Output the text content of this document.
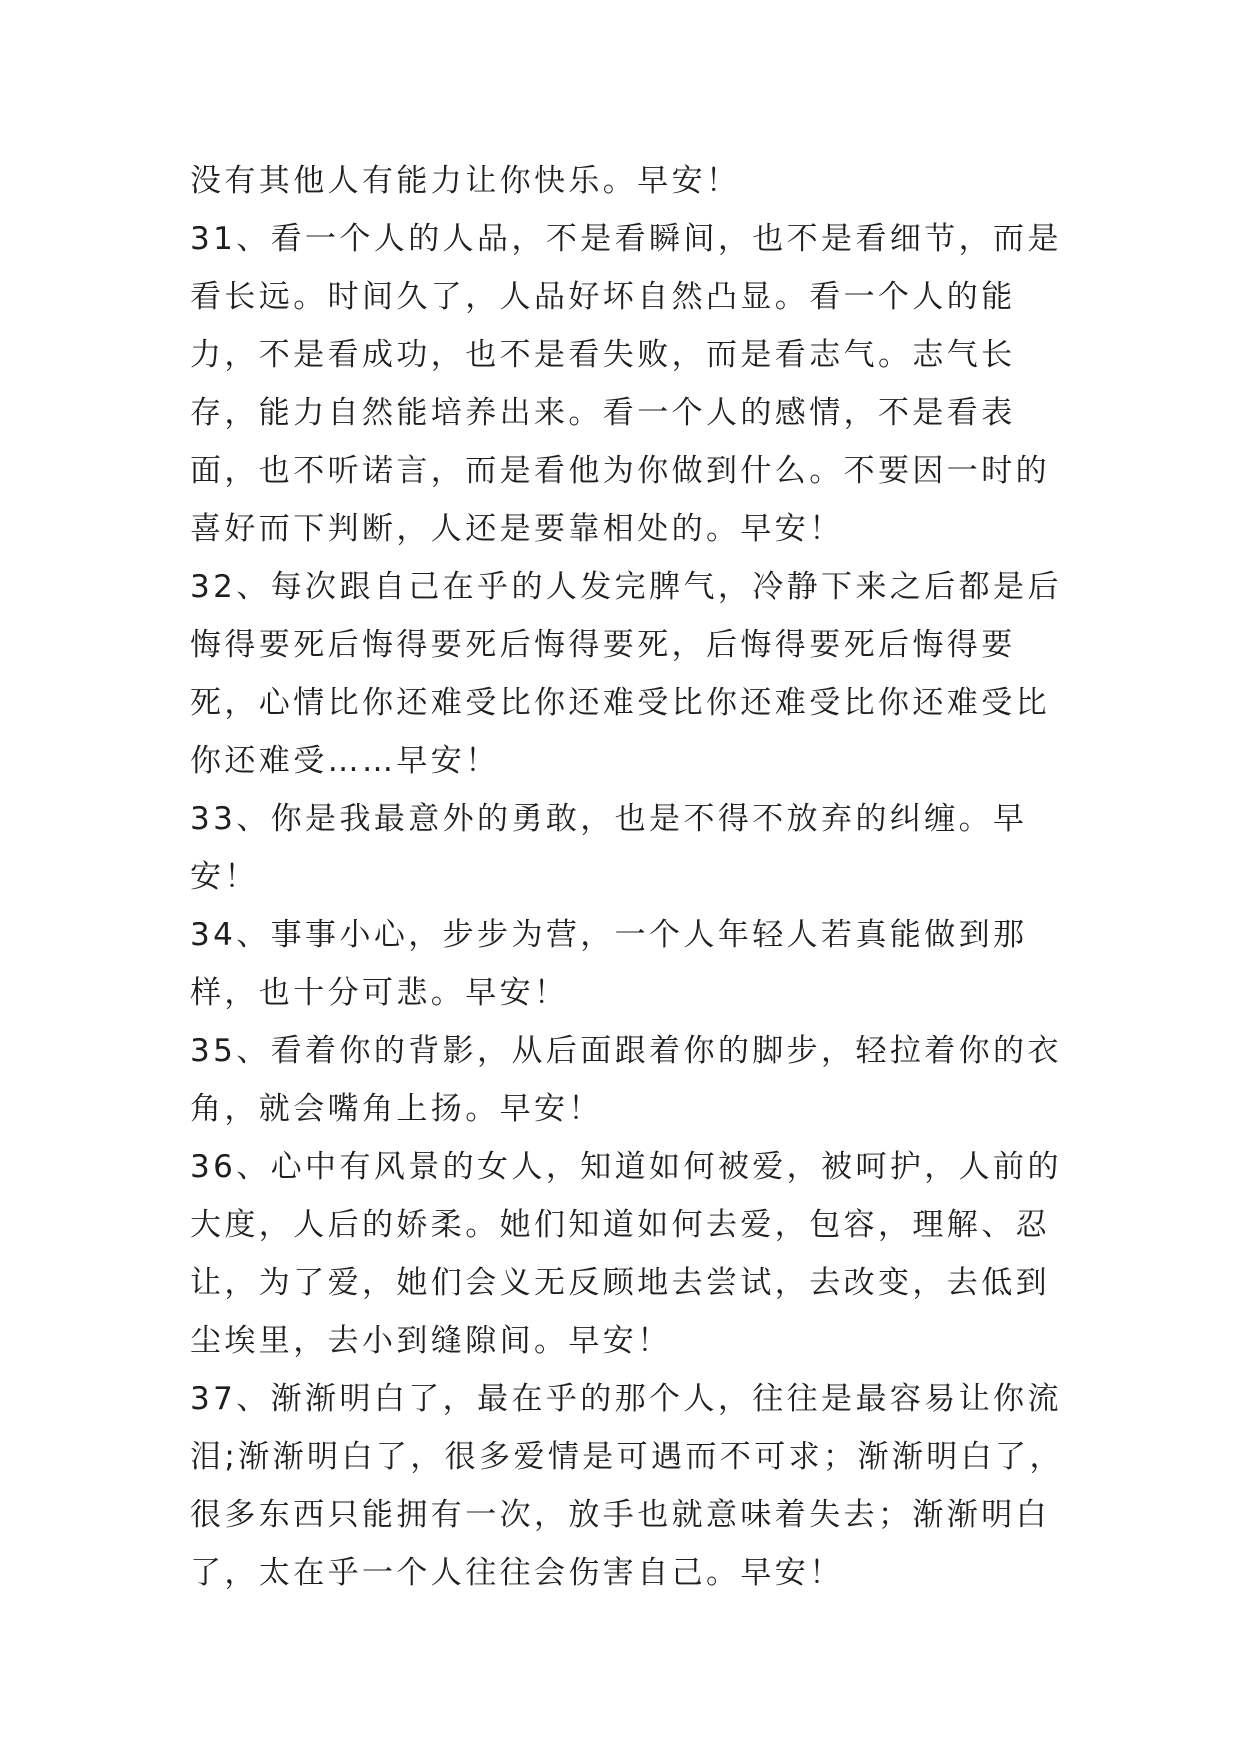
没有其他人有能力让你快乐。早安！

31、看一个人的人品，不是看瞬间，也不是看细节，而是看长远。时间久了，人品好坏自然凸显。看一个人的能力，不是看成功，也不是看失败，而是看志气。志气长存，能力自然能培养出来。看一个人的感情，不是看表面，也不听诺言，而是看他为你做到什么。不要因一时的喜好而下判断，人还是要靠相处的。早安！

32、每次跟自己在乎的人发完脾气，冷静下来之后都是后悔得要死后悔得要死后悔得要死，后悔得要死后悔得要死，心情比你还难受比你还难受比你还难受比你还难受比你还难受……早安！

33、你是我最意外的勇敢，也是不得不放弃的纠缠。早安！

34、事事小心，步步为营，一个人年轻人若真能做到那样，也十分可悲。早安！

35、看着你的背影，从后面跟着你的脚步，轻拉着你的衣角，就会嘴角上扬。早安！

36、心中有风景的女人，知道如何被爱，被呵护，人前的大度，人后的娇柔。她们知道如何去爱，包容，理解、忍让，为了爱，她们会义无反顾地去尝试，去改变，去低到尘埃里，去小到缝隙间。早安！

37、渐渐明白了，最在乎的那个人，往往是最容易让你流泪;渐渐明白了，很多爱情是可遇而不可求；渐渐明白了，很多东西只能拥有一次，放手也就意味着失去；渐渐明白了，太在乎一个人往往会伤害自己。早安！
